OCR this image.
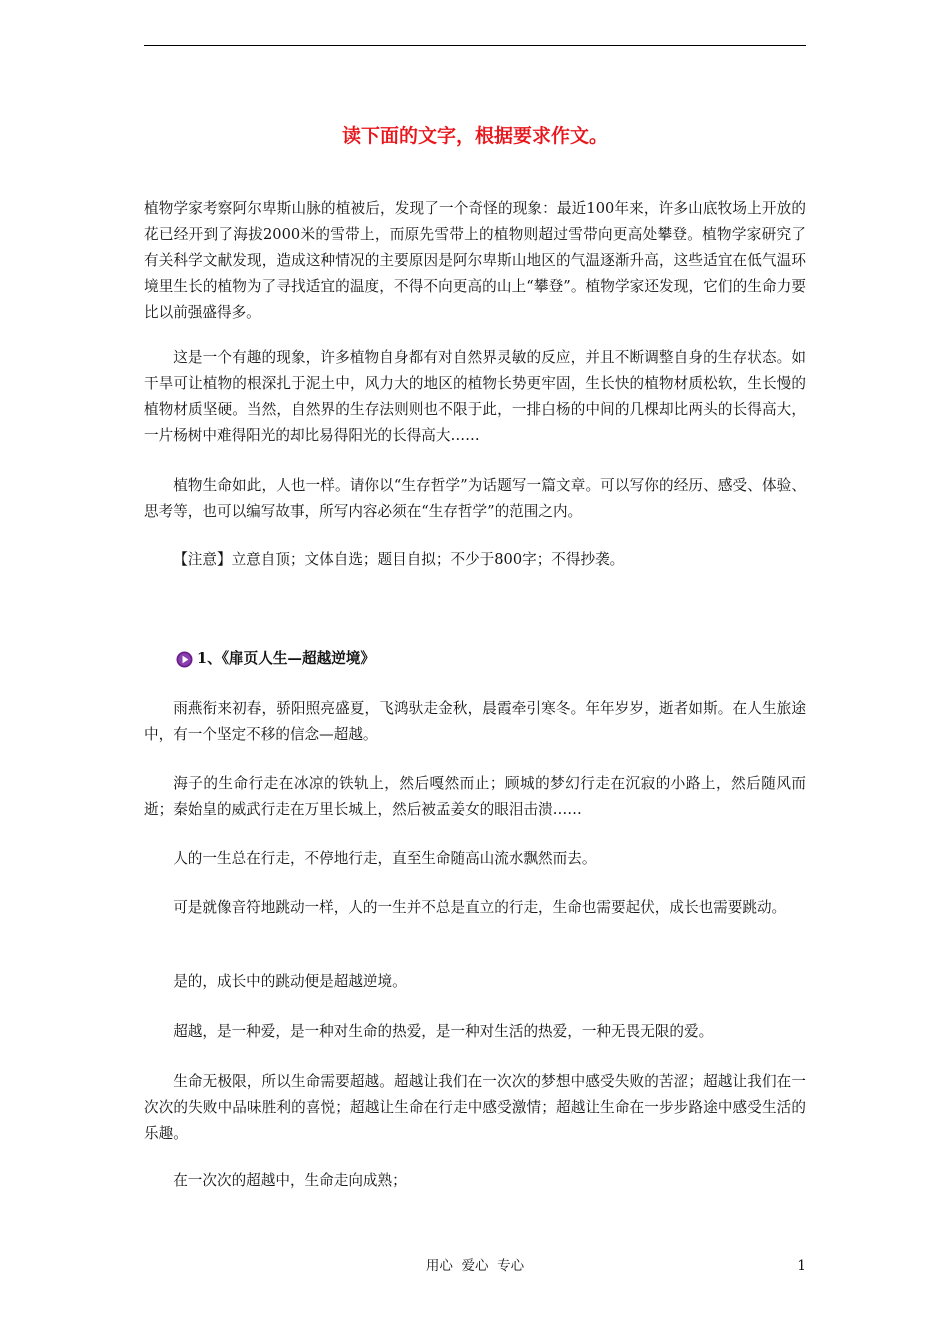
读下面的文字，根据要求作文。

植物学家考察阿尔卑斯山脉的植被后，发现了一个奇怪的现象：最近100年来，许多山底牧场上开放的花已经开到了海拔2000米的雪带上，而原先雪带上的植物则超过雪带向更高处攀登。植物学家研究了有关科学文献发现，造成这种情况的主要原因是阿尔卑斯山地区的气温逐渐升高，这些适宜在低气温环境里生长的植物为了寻找适宜的温度，不得不向更高的山上“攀登”。植物学家还发现，它们的生命力要比以前强盛得多。

这是一个有趣的现象，许多植物自身都有对自然界灵敏的反应，并且不断调整自身的生存状态。如干旱可让植物的根深扎于泥土中，风力大的地区的植物长势更牢固，生长快的植物材质松软，生长慢的植物材质坚硬。当然，自然界的生存法则则也不限于此，一排白杨的中间的几棵却比两头的长得高大，一片杨树中难得阳光的却比易得阳光的长得高大……

植物生命如此，人也一样。请你以“生存哲学”为话题写一篇文章。可以写你的经历、感受、体验、思考等，也可以编写故事，所写内容必须在“生存哲学”的范围之内。

【注意】立意自顶；文体自选；题目自拟；不少于800字；不得抄袭。

1、《扉页人生—超越逆境》

雨燕衔来初春，骄阳照亮盛夏，飞鸿驮走金秋，晨霞牵引寒冬。年年岁岁，逝者如斯。在人生旅途中，有一个坚定不移的信念—超越。

海子的生命行走在冰凉的铁轨上，然后嘎然而止；顾城的梦幻行走在沉寂的小路上，然后随风而逝；秦始皇的威武行走在万里长城上，然后被孟姜女的眼泪击溃……

人的一生总在行走，不停地行走，直至生命随高山流水飘然而去。

可是就像音符地跳动一样，人的一生并不总是直立的行走，生命也需要起伏，成长也需要跳动。

是的，成长中的跳动便是超越逆境。

超越，是一种爱，是一种对生命的热爱，是一种对生活的热爱，一种无畏无限的爱。

生命无极限，所以生命需要超越。超越让我们在一次次的梦想中感受失败的苦涩；超越让我们在一次次的失败中品味胜利的喜悦；超越让生命在行走中感受激情；超越让生命在一步步路途中感受生活的乐趣。

在一次次的超越中，生命走向成熟；

用心  爱心  专心	1
